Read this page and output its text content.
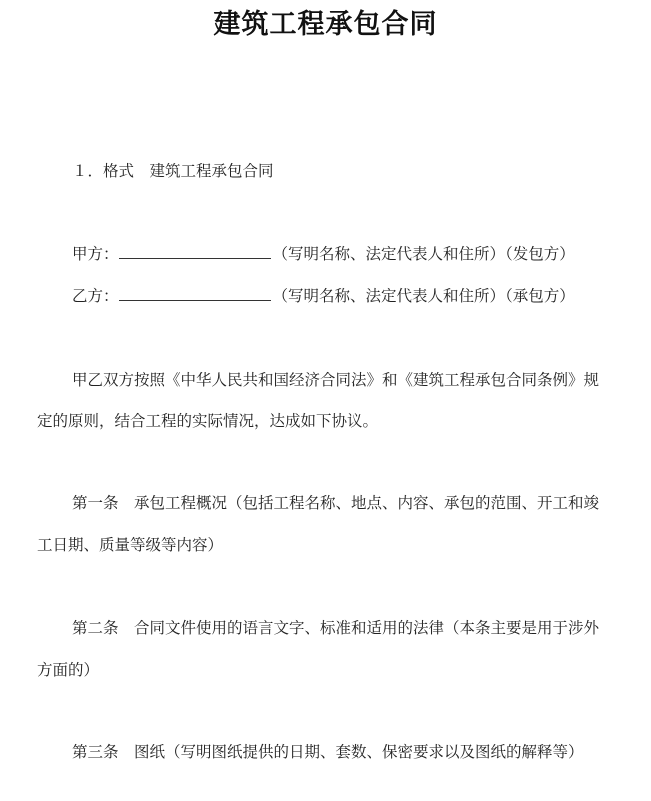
建筑工程承包合同
１．格式　建筑工程承包合同
甲方：	（写明名称、法定代表人和住所）（发包方）
乙方：	（写明名称、法定代表人和住所）（承包方）
甲乙双方按照《中华人民共和国经济合同法》和《建筑工程承包合同条例》规
定的原则，结合工程的实际情况，达成如下协议。
第一条　承包工程概况（包括工程名称、地点、内容、承包的范围、开工和竣
工日期、质量等级等内容）
第二条　合同文件使用的语言文字、标准和适用的法律（本条主要是用于涉外
方面的）
第三条　图纸（写明图纸提供的日期、套数、保密要求以及图纸的解释等）
